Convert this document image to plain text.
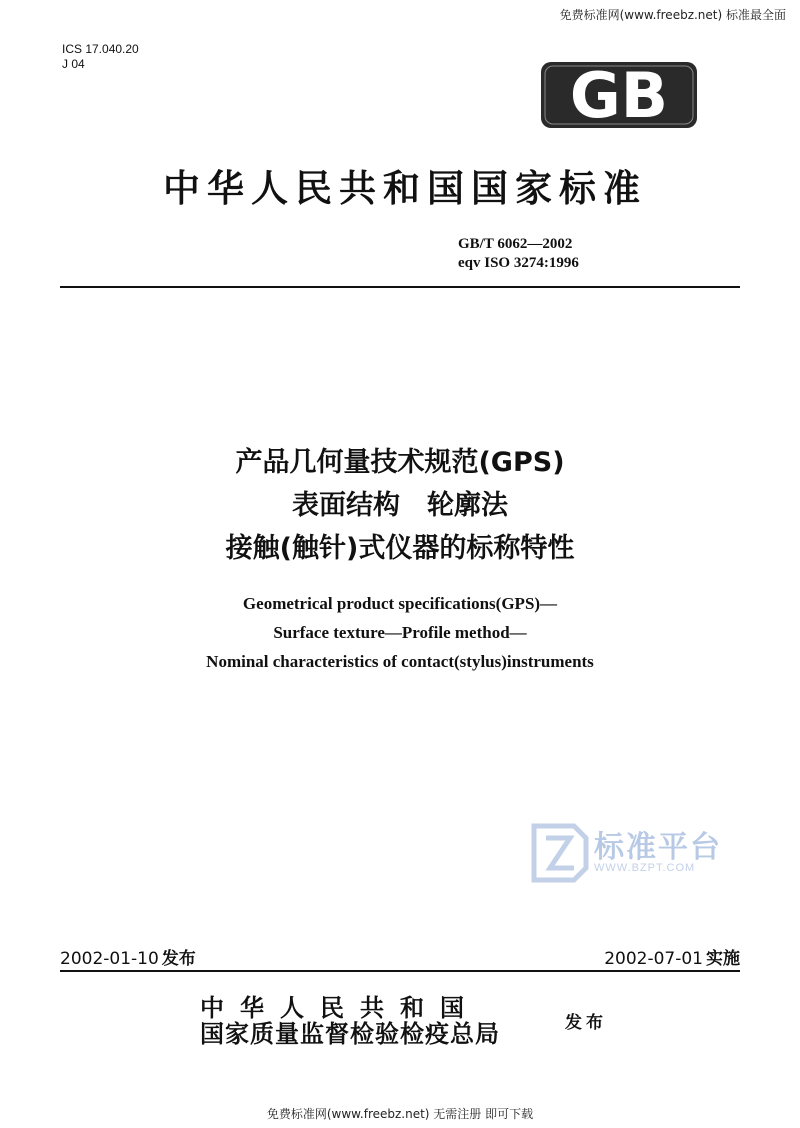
免费标准网(www.freebz.net) 标准最全面
ICS 17.040.20
J 04	GB
中华人民共和国国家标准
GB/T 6062—2002
eqv ISO 3274:1996
产品几何量技术规范(GPS)
表面结构　轮廓法
接触(触针)式仪器的标称特性
Geometrical product specifications(GPS)—
Surface texture—Profile method—
Nominal characteristics of contact(stylus)instruments
标准平台
WWW.BZPT.COM
2002-01-10 发布	2002-07-01 实施
中华人民共和国
国家质量监督检验检疫总局	发布
免费标准网(www.freebz.net) 无需注册 即可下载
